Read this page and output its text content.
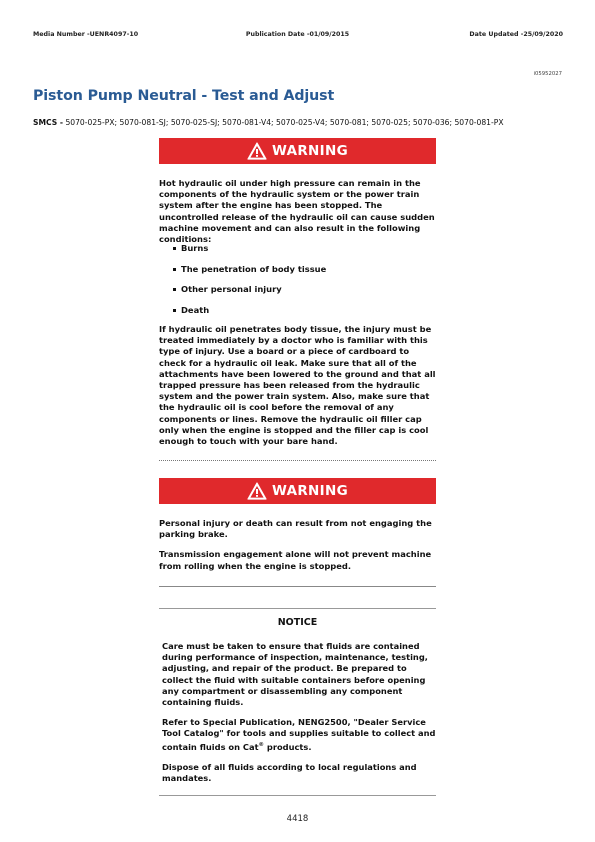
Media Number -UENR4097-10	Publication Date -01/09/2015	Date Updated -25/09/2020
i05952027
Piston Pump Neutral - Test and Adjust
SMCS - 5070-025-PX; 5070-081-SJ; 5070-025-SJ; 5070-081-V4; 5070-025-V4; 5070-081; 5070-025; 5070-036; 5070-081-PX
WARNING

Hot hydraulic oil under high pressure can remain in the components of the hydraulic system or the power train system after the engine has been stopped. The uncontrolled release of the hydraulic oil can cause sudden machine movement and can also result in the following conditions:

Burns
The penetration of body tissue
Other personal injury
Death

If hydraulic oil penetrates body tissue, the injury must be treated immediately by a doctor who is familiar with this type of injury. Use a board or a piece of cardboard to check for a hydraulic oil leak. Make sure that all of the attachments have been lowered to the ground and that all trapped pressure has been released from the hydraulic system and the power train system. Also, make sure that the hydraulic oil is cool before the removal of any components or lines. Remove the hydraulic oil filler cap only when the engine is stopped and the filler cap is cool enough to touch with your bare hand.

WARNING

Personal injury or death can result from not engaging the parking brake.

Transmission engagement alone will not prevent machine from rolling when the engine is stopped.

NOTICE

Care must be taken to ensure that fluids are contained during performance of inspection, maintenance, testing, adjusting, and repair of the product. Be prepared to collect the fluid with suitable containers before opening any compartment or disassembling any component containing fluids.

Refer to Special Publication, NENG2500, "Dealer Service Tool Catalog" for tools and supplies suitable to collect and contain fluids on Cat® products.

Dispose of all fluids according to local regulations and mandates.

4418
